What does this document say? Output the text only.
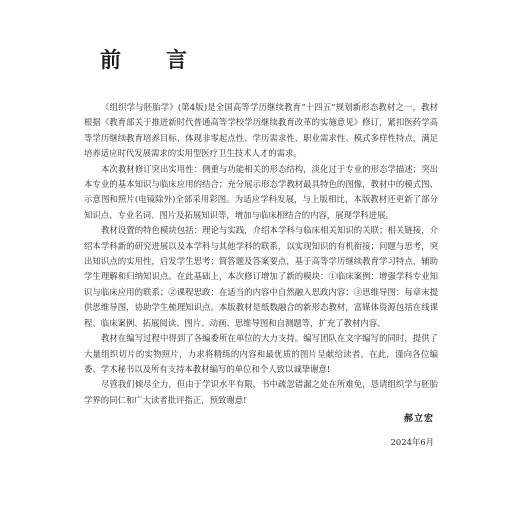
前　言

《组织学与胚胎学》(第4版)是全国高等学历继续教育“十四五”规划新形态教材之一，教材根据《教育部关于推进新时代普通高等学校学历继续教育改革的实施意见》修订，紧扣医药学高等学历继续教育培养目标、体现非零起点性、学历需求性、职业需求性、模式多样性特点，满足培养适应时代发展需求的实用型医疗卫生技术人才的需求。

本次教材修订突出实用性：侧重与功能相关的形态结构，淡化过于专业的形态学描述；突出本专业的基本知识与临床应用的结合；充分展示形态学教材最具特色的图像，教材中的模式图、示意图和照片(电镜除外)全部采用彩图。为适应学科发展，与上版相比，本版教材还更新了部分知识点、专业名词、图片及拓展知识等，增加与临床相结合的内容，展现学科进展。

教材设置的特色模块包括：理论与实践，介绍本学科与临床相关知识的关联；相关链接，介绍本学科新的研究进展以及本学科与其他学科的联系，以实现知识的有机衔接；问题与思考，突出知识点的实用性，启发学生思考；简答题及答案要点，基于高等学历继续教育学习特点，辅助学生理解和归纳知识点。在此基础上，本次修订增加了新的模块：①临床案例：增强学科专业知识与临床应用的联系；②课程思政：在适当的内容中自然融入思政内容；③思维导图：每章末提供思维导图，协助学生梳理知识点。本版教材是纸数融合的新形态教材，富媒体资源包括在线课程、临床案例、拓展阅读、图片、动画、思维导图和自测题等，扩充了教材内容。

教材在编写过程中得到了各编委所在单位的大力支持。编写团队在文字编写的同时，提供了大量组织切片的实物照片，力求将精练的内容和最优质的图片呈献给读者。在此，谨向各位编委、学术秘书以及所有支持本教材编写的单位和个人致以诚挚谢意!

尽管我们倾尽全力，但由于学识水平有限，书中疏忽错漏之处在所难免，恳请组织学与胚胎学界的同仁和广大读者批评指正，预致谢意!

郝立宏
2024年6月
